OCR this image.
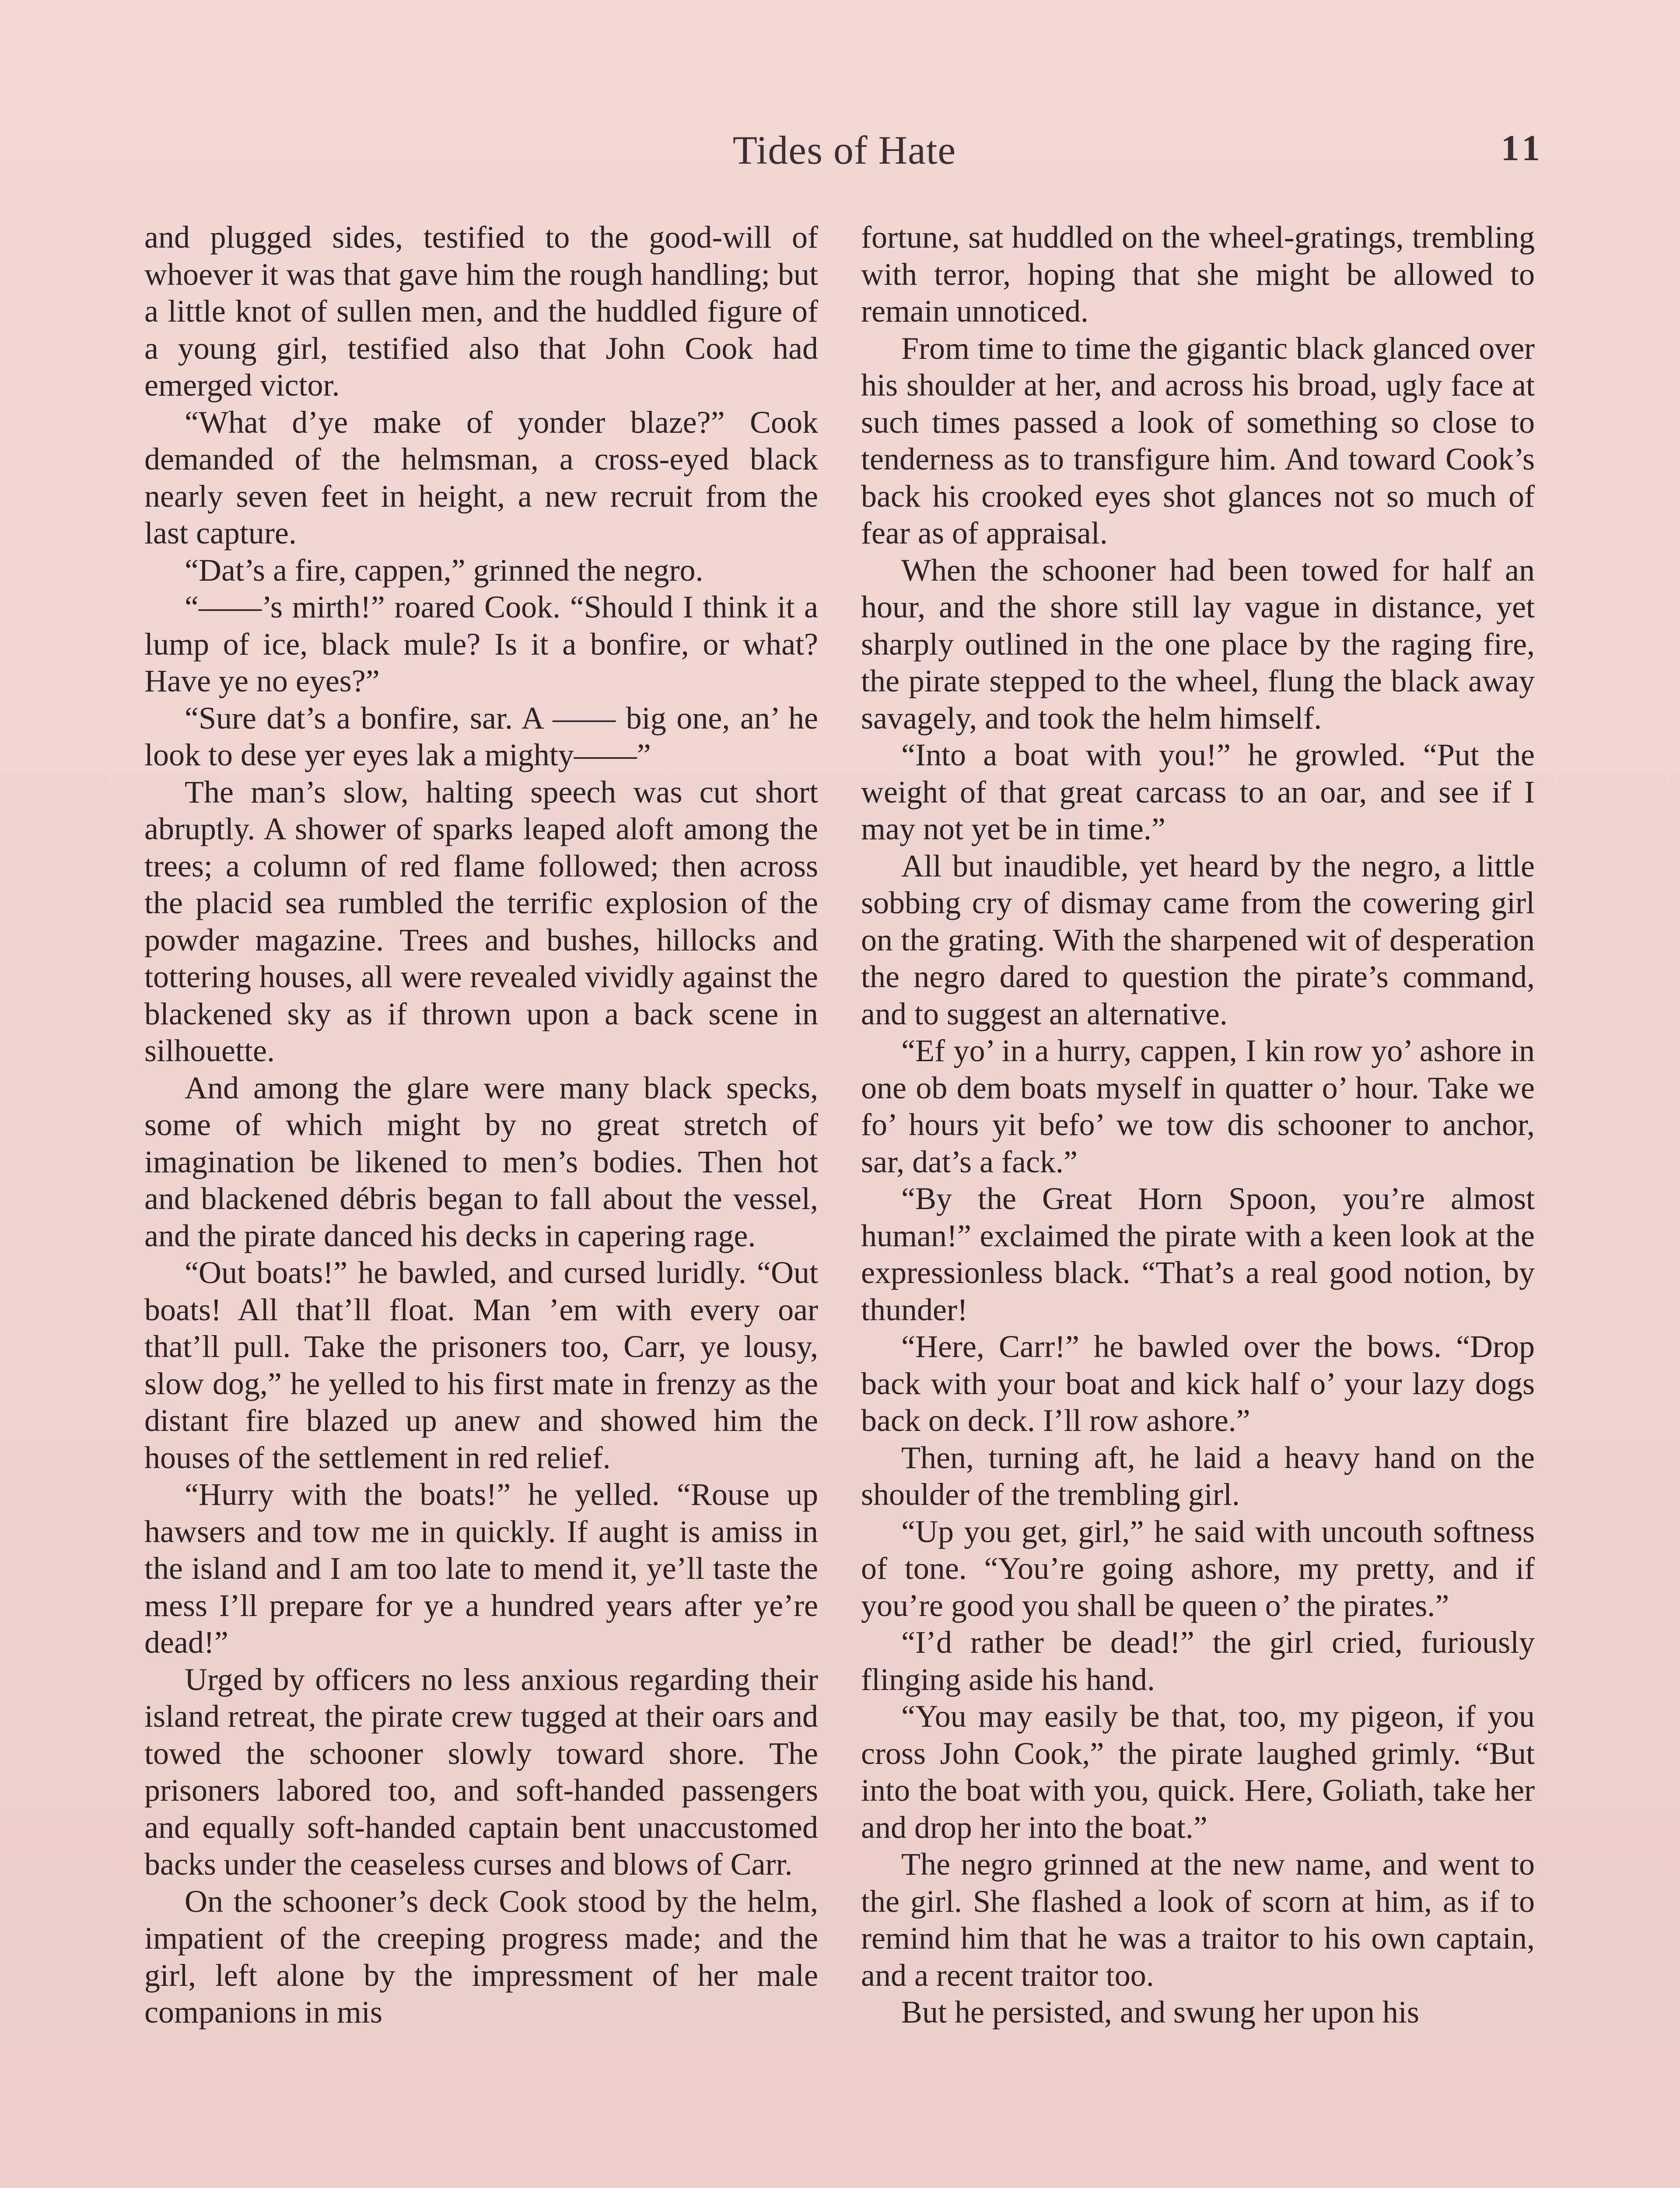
Tides of Hate	11

and plugged sides, testified to the good-will of whoever it was that gave him the rough handling; but a little knot of sullen men, and the huddled figure of a young girl, testified also that John Cook had emerged victor.

“What d’ye make of yonder blaze?” Cook demanded of the helmsman, a cross-eyed black nearly seven feet in height, a new recruit from the last capture.

“Dat’s a fire, cappen,” grinned the negro.

“——’s mirth!” roared Cook. “Should I think it a lump of ice, black mule? Is it a bonfire, or what? Have ye no eyes?”

“Sure dat’s a bonfire, sar. A —— big one, an’ he look to dese yer eyes lak a mighty——”

The man’s slow, halting speech was cut short abruptly. A shower of sparks leaped aloft among the trees; a column of red flame followed; then across the placid sea rumbled the terrific explosion of the powder magazine. Trees and bushes, hillocks and tottering houses, all were revealed vividly against the blackened sky as if thrown upon a back scene in silhouette.

And among the glare were many black specks, some of which might by no great stretch of imagination be likened to men’s bodies. Then hot and blackened débris began to fall about the vessel, and the pirate danced his decks in capering rage.

“Out boats!” he bawled, and cursed luridly. “Out boats! All that’ll float. Man ’em with every oar that’ll pull. Take the prisoners too, Carr, ye lousy, slow dog,” he yelled to his first mate in frenzy as the distant fire blazed up anew and showed him the houses of the settlement in red relief.

“Hurry with the boats!” he yelled. “Rouse up hawsers and tow me in quickly. If aught is amiss in the island and I am too late to mend it, ye’ll taste the mess I’ll prepare for ye a hundred years after ye’re dead!”

Urged by officers no less anxious regarding their island retreat, the pirate crew tugged at their oars and towed the schooner slowly toward shore. The prisoners labored too, and soft-handed passengers and equally soft-handed captain bent unaccustomed backs under the ceaseless curses and blows of Carr.

On the schooner’s deck Cook stood by the helm, impatient of the creeping progress made; and the girl, left alone by the impressment of her male companions in mis

fortune, sat huddled on the wheel-gratings, trembling with terror, hoping that she might be allowed to remain unnoticed.

From time to time the gigantic black glanced over his shoulder at her, and across his broad, ugly face at such times passed a look of something so close to tenderness as to transfigure him. And toward Cook’s back his crooked eyes shot glances not so much of fear as of appraisal.

When the schooner had been towed for half an hour, and the shore still lay vague in distance, yet sharply outlined in the one place by the raging fire, the pirate stepped to the wheel, flung the black away savagely, and took the helm himself.

“Into a boat with you!” he growled. “Put the weight of that great carcass to an oar, and see if I may not yet be in time.”

All but inaudible, yet heard by the negro, a little sobbing cry of dismay came from the cowering girl on the grating. With the sharpened wit of desperation the negro dared to question the pirate’s command, and to suggest an alternative.

“Ef yo’ in a hurry, cappen, I kin row yo’ ashore in one ob dem boats myself in quatter o’ hour. Take we fo’ hours yit befo’ we tow dis schooner to anchor, sar, dat’s a fack.”

“By the Great Horn Spoon, you’re almost human!” exclaimed the pirate with a keen look at the expressionless black. “That’s a real good notion, by thunder!

“Here, Carr!” he bawled over the bows. “Drop back with your boat and kick half o’ your lazy dogs back on deck. I’ll row ashore.”

Then, turning aft, he laid a heavy hand on the shoulder of the trembling girl.

“Up you get, girl,” he said with uncouth softness of tone. “You’re going ashore, my pretty, and if you’re good you shall be queen o’ the pirates.”

“I’d rather be dead!” the girl cried, furiously flinging aside his hand.

“You may easily be that, too, my pigeon, if you cross John Cook,” the pirate laughed grimly. “But into the boat with you, quick. Here, Goliath, take her and drop her into the boat.”

The negro grinned at the new name, and went to the girl. She flashed a look of scorn at him, as if to remind him that he was a traitor to his own captain, and a recent traitor too.

But he persisted, and swung her upon his
